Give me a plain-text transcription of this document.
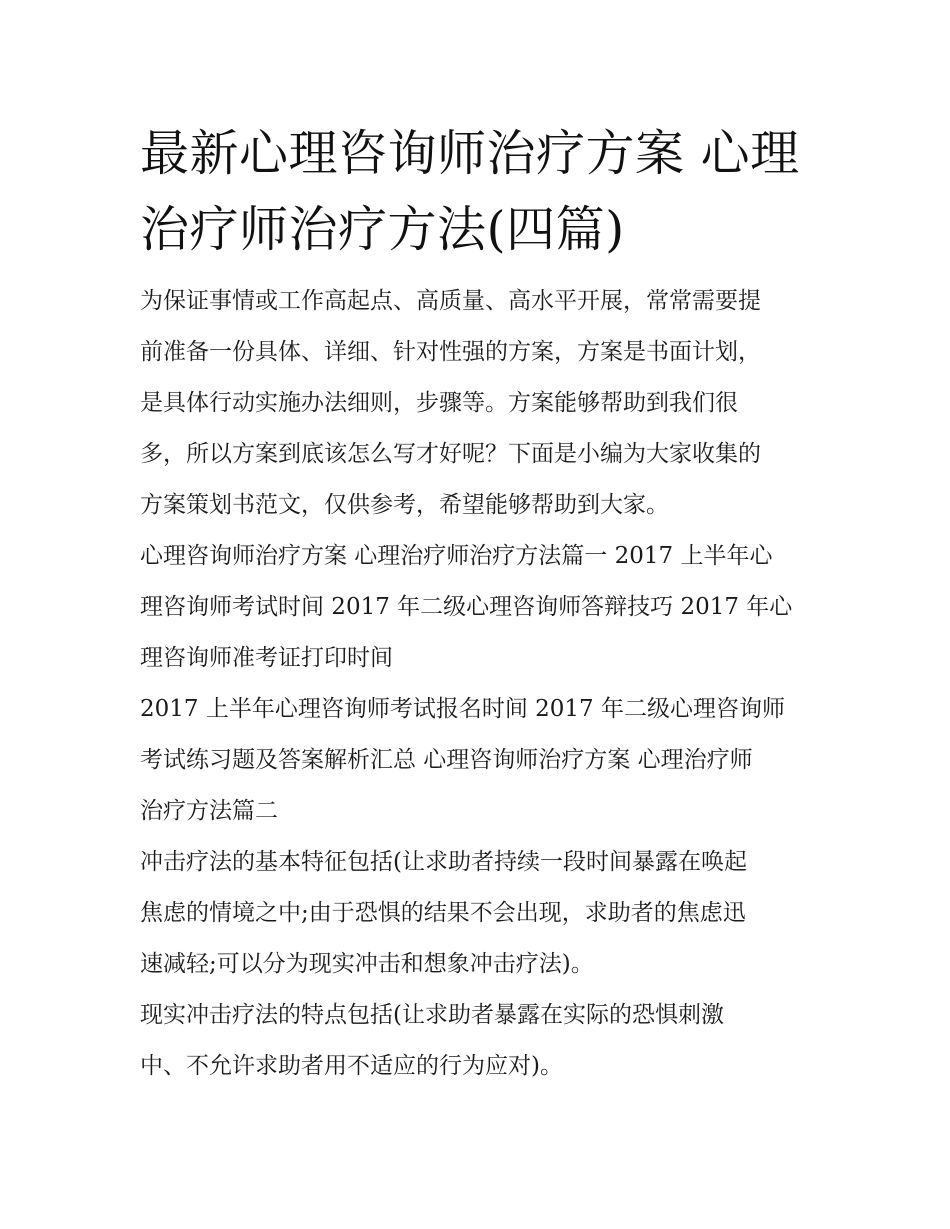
最新心理咨询师治疗方案 心理
治疗师治疗方法(四篇)

为保证事情或工作高起点、高质量、高水平开展，常常需要提
前准备一份具体、详细、针对性强的方案，方案是书面计划，
是具体行动实施办法细则，步骤等。方案能够帮助到我们很
多，所以方案到底该怎么写才好呢？下面是小编为大家收集的
方案策划书范文，仅供参考，希望能够帮助到大家。

心理咨询师治疗方案 心理治疗师治疗方法篇一 2017 上半年心
理咨询师考试时间 2017 年二级心理咨询师答辩技巧 2017 年心
理咨询师准考证打印时间

2017 上半年心理咨询师考试报名时间 2017 年二级心理咨询师
考试练习题及答案解析汇总 心理咨询师治疗方案 心理治疗师
治疗方法篇二

冲击疗法的基本特征包括(让求助者持续一段时间暴露在唤起
焦虑的情境之中;由于恐惧的结果不会出现，求助者的焦虑迅
速减轻;可以分为现实冲击和想象冲击疗法)。

现实冲击疗法的特点包括(让求助者暴露在实际的恐惧刺激
中、不允许求助者用不适应的行为应对)。
